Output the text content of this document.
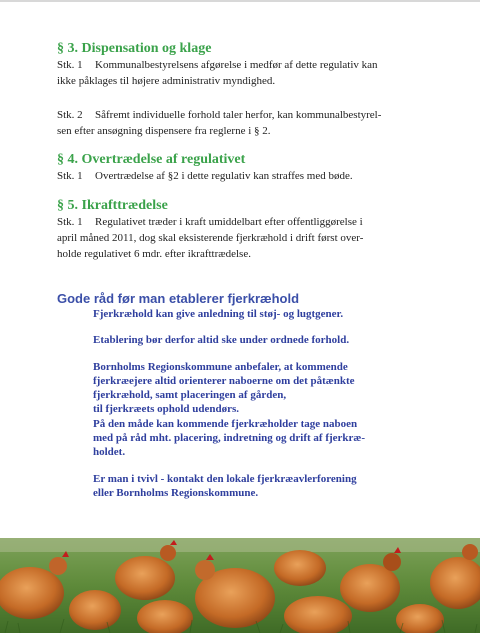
§ 3. Dispensation og klage

Stk. 1 Kommunalbestyrelsens afgørelse i medfør af dette regulativ kan
ikke påklages til højere administrativ myndighed.

Stk. 2 Såfremt individuelle forhold taler herfor, kan kommunalbestyrel-
sen efter ansøgning dispensere fra reglerne i § 2.

§ 4. Overtrædelse af regulativet

Stk. 1 Overtrædelse af §2 i dette regulativ kan straffes med bøde.

§ 5. Ikrafttrædelse

Stk. 1 Regulativet træder i kraft umiddelbart efter offentliggørelse i
april måned 2011, dog skal eksisterende fjerkræhold i drift først over-
holde regulativet 6 mdr. efter ikrafttrædelse.

Gode råd før man etablerer fjerkræhold

Fjerkræhold kan give anledning til støj- og lugtgener.

Etablering bør derfor altid ske under ordnede forhold.

Bornholms Regionskommune anbefaler, at kommende
fjerkræejere altid orienterer naboerne om det påtænkte
fjerkræhold, samt placeringen af gården,
til fjerkræets ophold udendørs.
På den måde kan kommende fjerkræholder tage naboen
med på råd mht. placering, indretning og drift af fjerkræ-
holdet.

Er man i tvivl - kontakt den lokale fjerkræavlerforening
eller Bornholms Regionskommune.
